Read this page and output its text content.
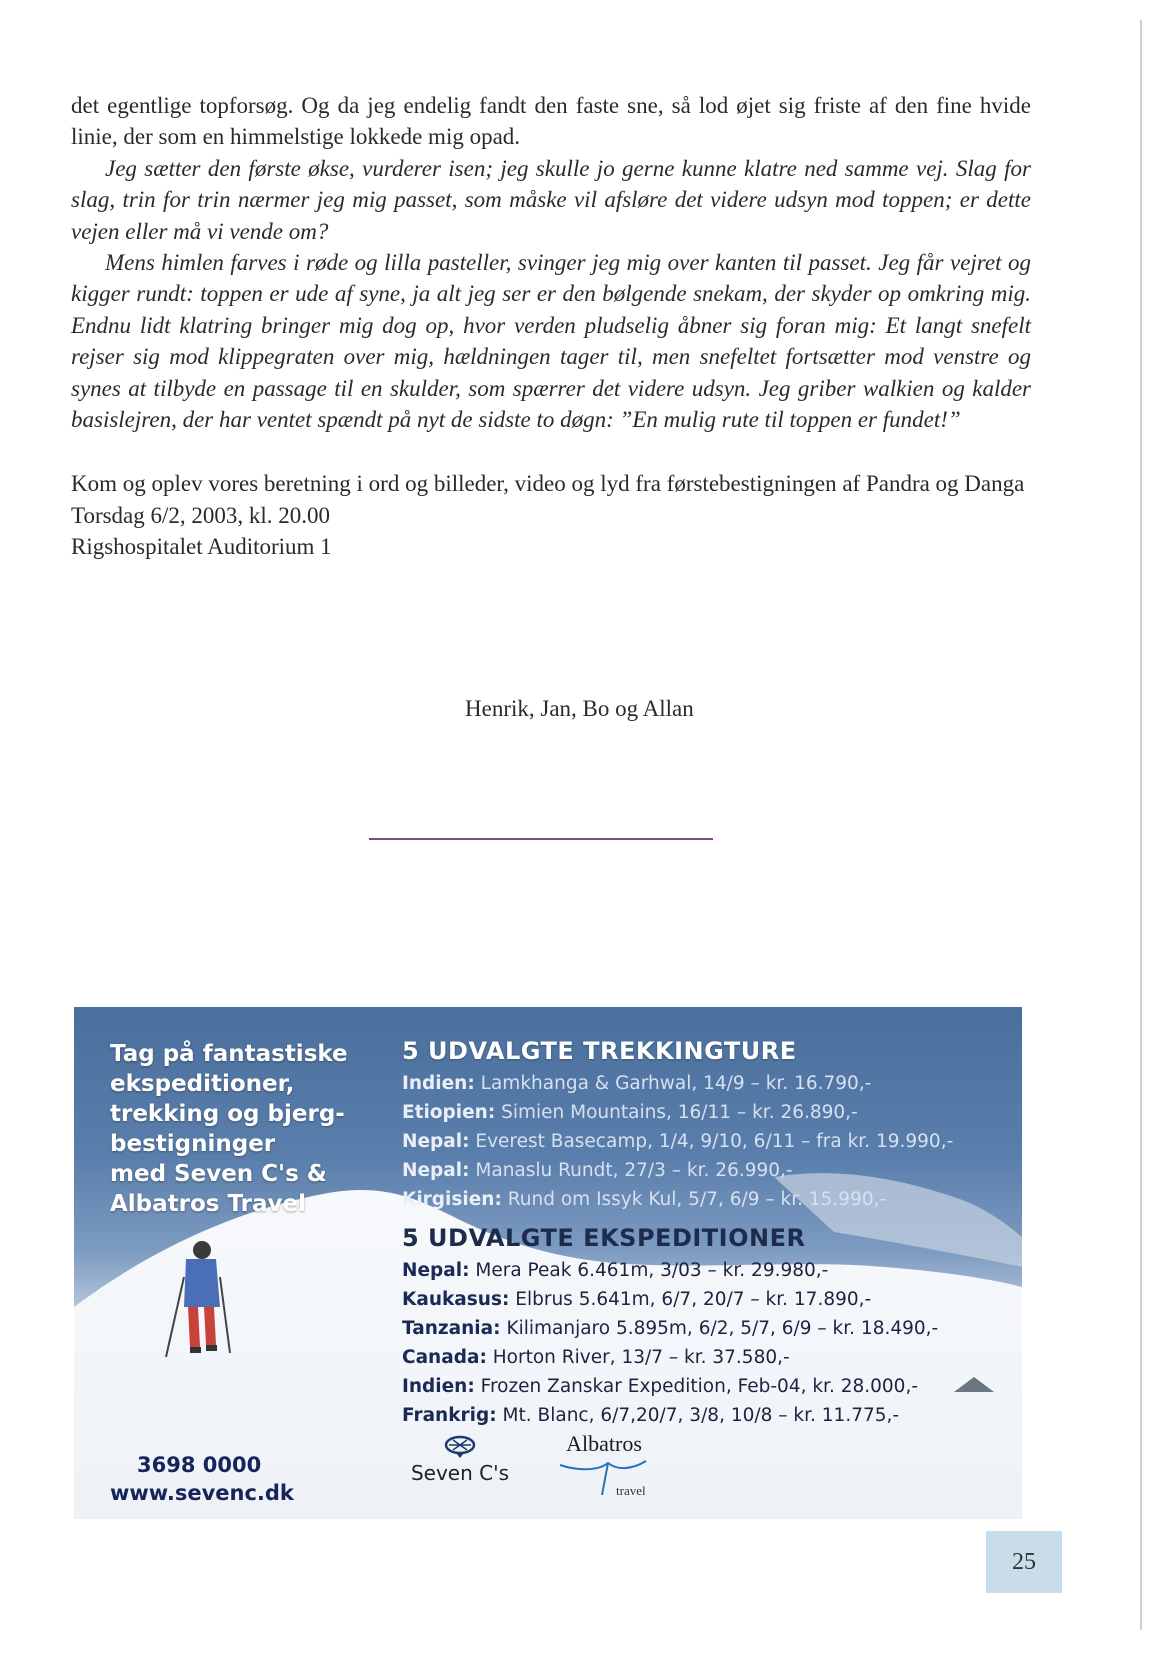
det egentlige topforsøg. Og da jeg endelig fandt den faste sne, så lod øjet sig friste af den fine hvide linie, der som en himmelstige lokkede mig opad.

Jeg sætter den første økse, vurderer isen; jeg skulle jo gerne kunne klatre ned samme vej. Slag for slag, trin for trin nærmer jeg mig passet, som måske vil afsløre det videre udsyn mod toppen; er dette vejen eller må vi vende om?

Mens himlen farves i røde og lilla pasteller, svinger jeg mig over kanten til passet. Jeg får vejret og kigger rundt: toppen er ude af syne, ja alt jeg ser er den bølgende snekam, der skyder op omkring mig. Endnu lidt klatring bringer mig dog op, hvor verden pludselig åbner sig foran mig: Et langt snefelt rejser sig mod klippegraten over mig, hældningen tager til, men snefeltet fortsætter mod venstre og synes at tilbyde en passage til en skulder, som spærrer det videre udsyn. Jeg griber walkien og kalder basislejren, der har ventet spændt på nyt de sidste to døgn: ”En mulig rute til toppen er fundet!”

Kom og oplev vores beretning i ord og billeder, video og lyd fra førstebestigningen af Pandra og Danga

Torsdag 6/2, 2003, kl. 20.00

Rigshospitalet Auditorium 1

Henrik, Jan, Bo og Allan
Tag på fantastiske
ekspeditioner,
trekking og bjerg-
bestigninger
med Seven C's &
Albatros Travel
5 UDVALGTE TREKKINGTURE
Indien: Lamkhanga & Garhwal, 14/9 – kr. 16.790,-
Etiopien: Simien Mountains, 16/11 – kr. 26.890,-
Nepal: Everest Basecamp, 1/4, 9/10, 6/11 – fra kr. 19.990,-
Nepal: Manaslu Rundt, 27/3 – kr. 26.990,-
Kirgisien: Rund om Issyk Kul, 5/7, 6/9 – kr. 15.990,-
5 UDVALGTE EKSPEDITIONER
Nepal: Mera Peak 6.461m, 3/03 – kr. 29.980,-
Kaukasus: Elbrus 5.641m, 6/7, 20/7 – kr. 17.890,-
Tanzania: Kilimanjaro 5.895m, 6/2, 5/7, 6/9 – kr. 18.490,-
Canada: Horton River, 13/7 – kr. 37.580,-
Indien: Frozen Zanskar Expedition, Feb-04, kr. 28.000,-
Frankrig: Mt. Blanc, 6/7,20/7, 3/8, 10/8 – kr. 11.775,-
3698 0000
www.sevenc.dk
Seven C's
Albatros
travel
25
